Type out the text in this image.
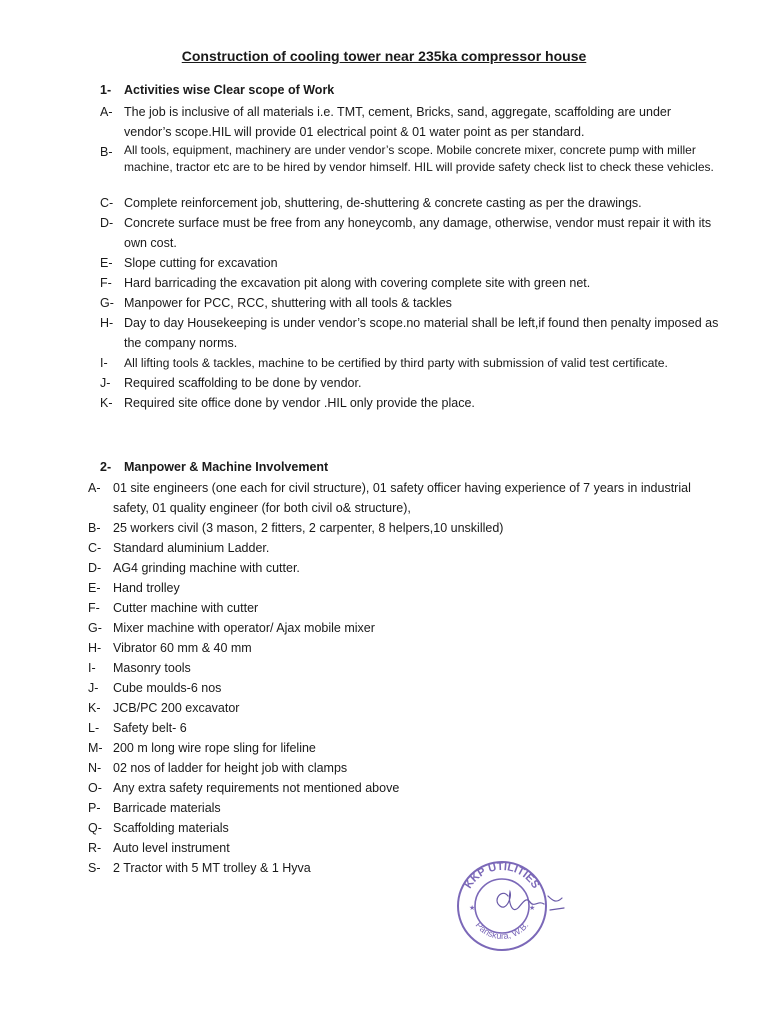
Construction of cooling tower near 235ka compressor house
1- Activities wise Clear scope of Work
A- The job is inclusive of all materials i.e. TMT, cement, Bricks, sand, aggregate, scaffolding are under vendor’s scope.HIL will provide 01 electrical point & 01 water point as per standard.
B- All tools, equipment, machinery are under vendor’s scope. Mobile concrete mixer, concrete pump with miller machine, tractor etc are to be hired by vendor himself. HIL will provide safety check list to check these vehicles.
C- Complete reinforcement job, shuttering, de-shuttering & concrete casting as per the drawings.
D- Concrete surface must be free from any honeycomb, any damage, otherwise, vendor must repair it with its own cost.
E- Slope cutting for excavation
F- Hard barricading the excavation pit along with covering complete site with green net.
G- Manpower for PCC, RCC, shuttering with all tools & tackles
H- Day to day Housekeeping is under vendor’s scope.no material shall be left,if found then penalty imposed as the company norms.
I-	All lifting tools & tackles, machine to be certified by third party with submission of valid test certificate.
J-	Required scaffolding to be done by vendor.
K- Required site office done by vendor .HIL only provide the place.
2- Manpower & Machine Involvement
A-	01 site engineers (one each for civil structure), 01 safety officer having experience of 7 years in industrial safety, 01 quality engineer (for both civil o& structure),
B-	25 workers civil (3 mason, 2 fitters, 2 carpenter, 8 helpers,10 unskilled)
C- Standard aluminium Ladder.
D- AG4 grinding machine with cutter.
E-	Hand trolley
F-	Cutter machine with cutter
G- Mixer machine with operator/ Ajax mobile mixer
H- Vibrator 60 mm & 40 mm
I-	Masonry tools
J-	Cube moulds-6 nos
K-	JCB/PC 200 excavator
L-	Safety belt- 6
M- 200 m long wire rope sling for lifeline
N- 02 nos of ladder for height job with clamps
O- Any extra safety requirements not mentioned above
P-	Barricade materials
Q- Scaffolding materials
R- Auto level instrument
S-	2 Tractor with 5 MT trolley & 1 Hyva
KKP UTILITIES
Panskura, W.B.
★	★
